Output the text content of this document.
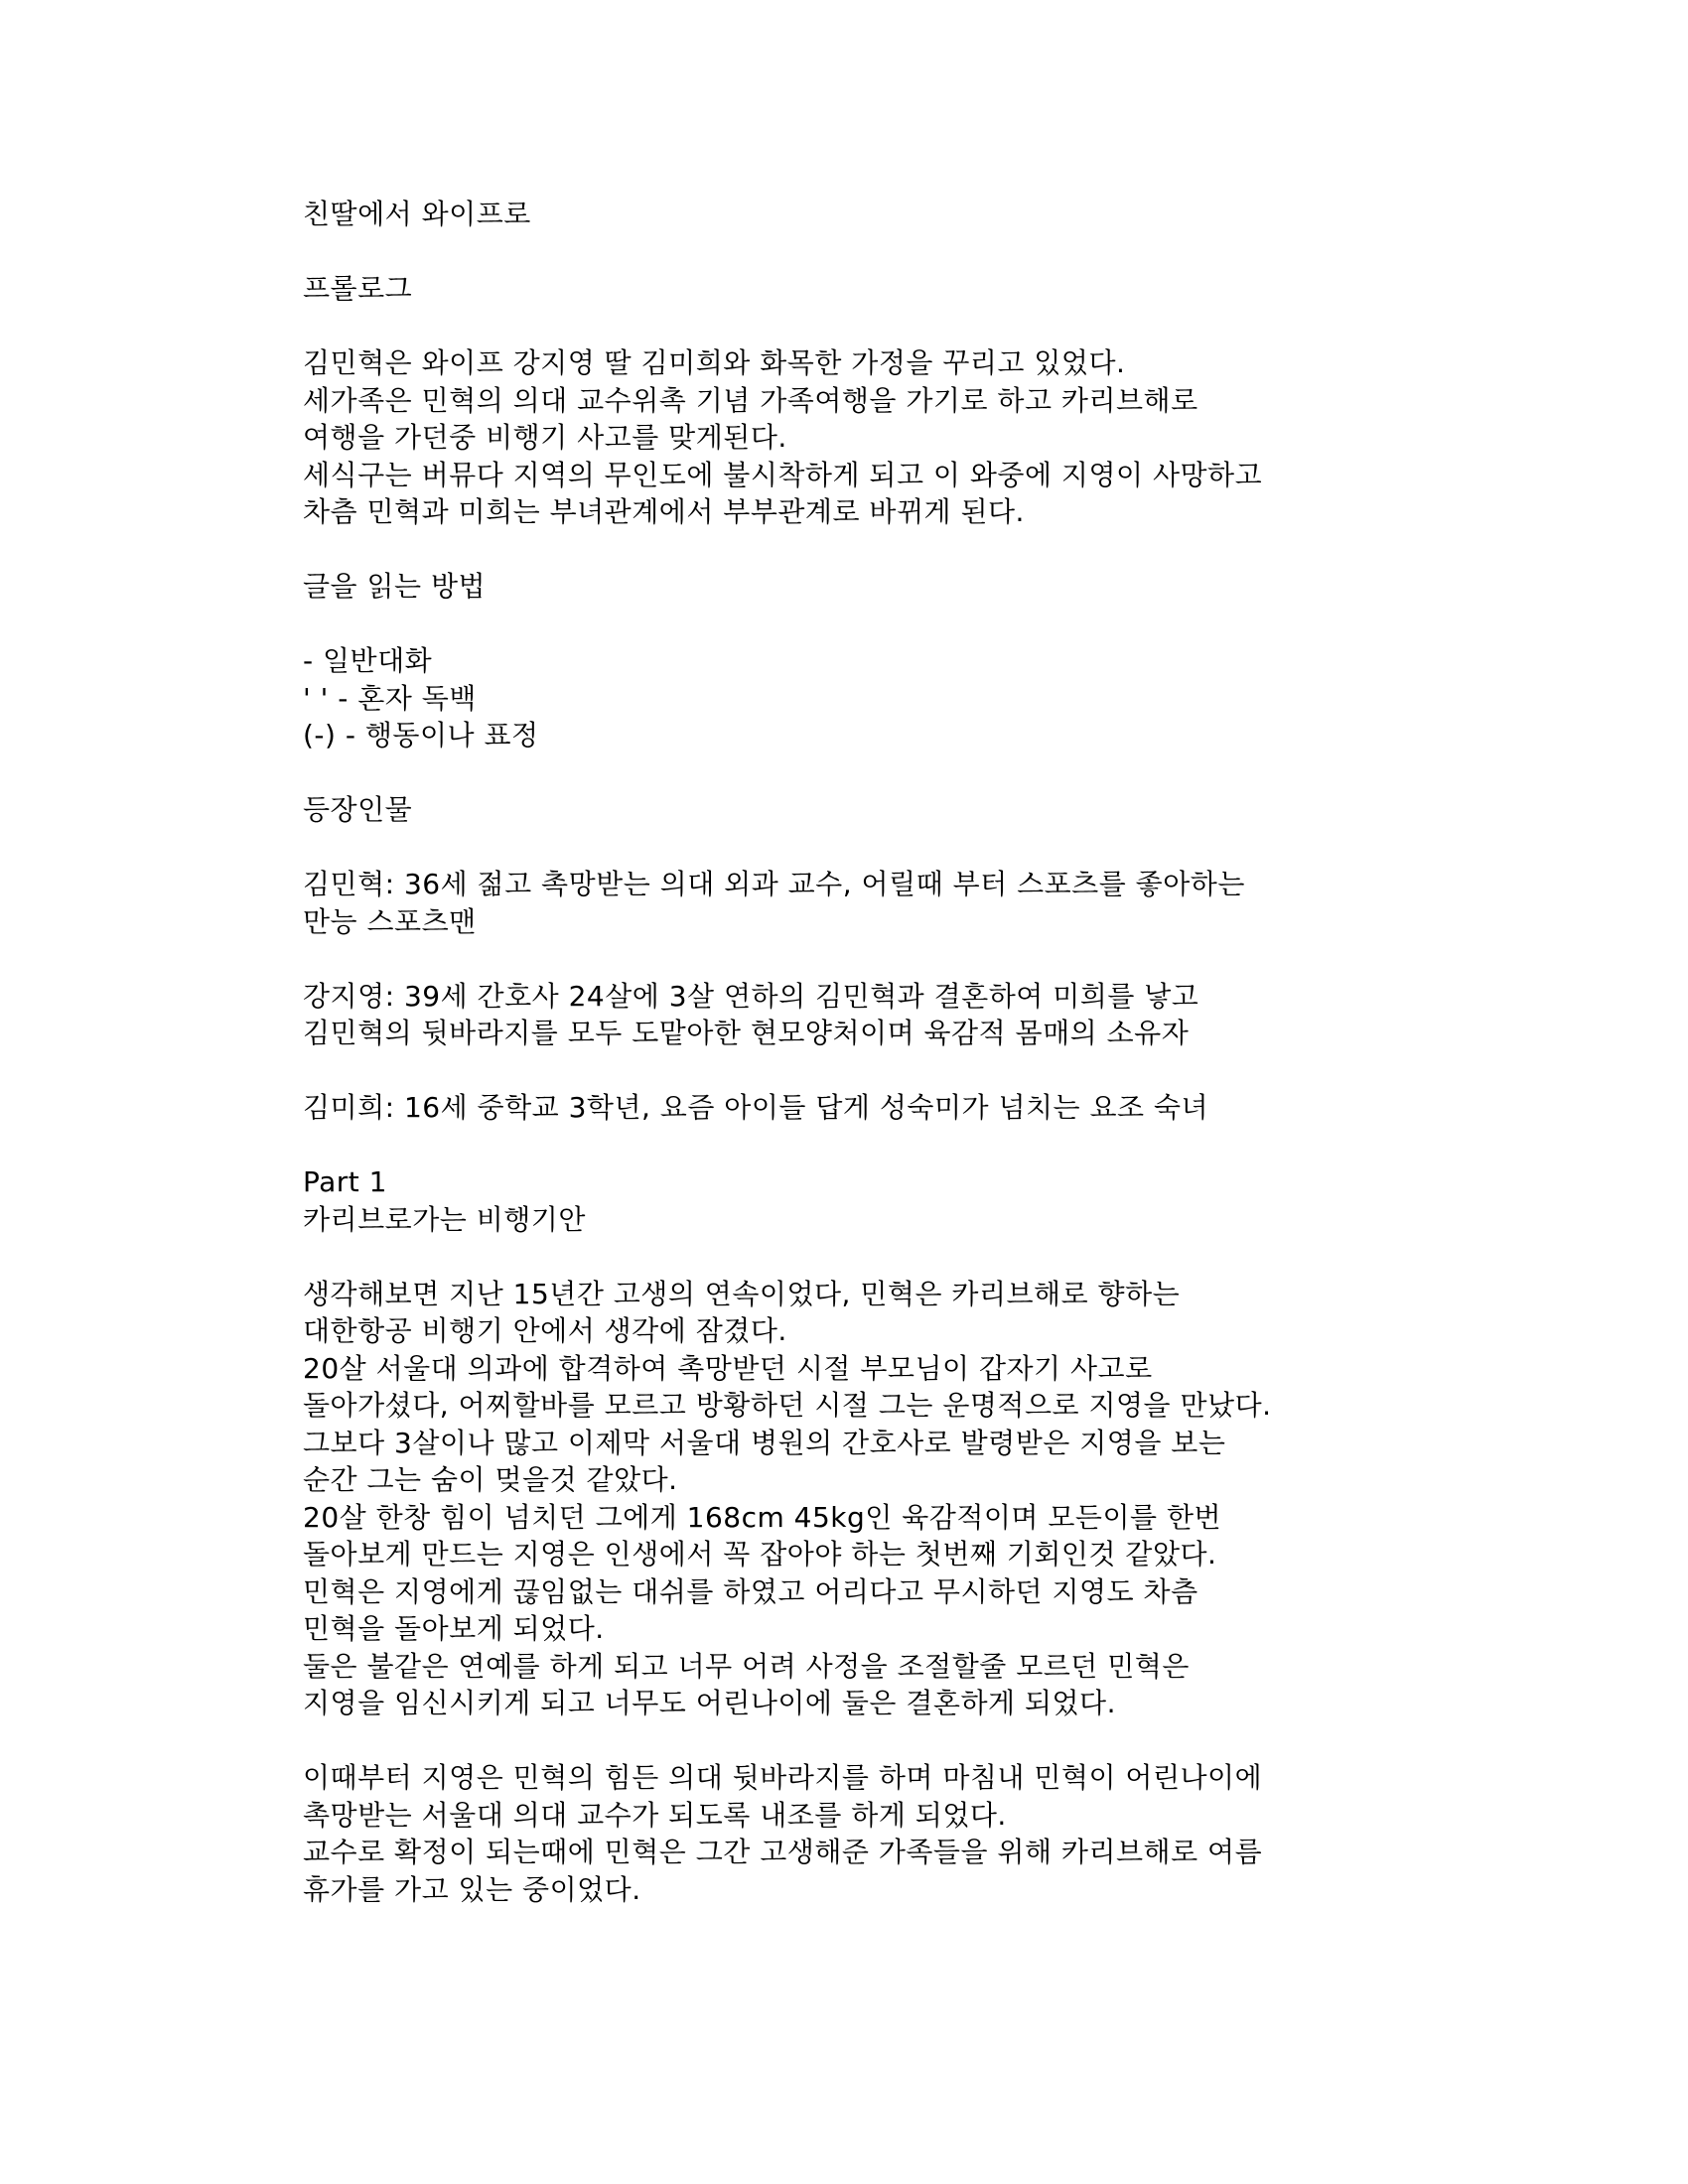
친딸에서 와이프로
프롤로그
김민혁은 와이프 강지영 딸 김미희와 화목한 가정을 꾸리고 있었다.
세가족은 민혁의 의대 교수위촉 기념 가족여행을 가기로 하고 카리브해로
여행을 가던중 비행기 사고를 맞게된다.
세식구는 버뮤다 지역의 무인도에 불시착하게 되고 이 와중에 지영이 사망하고
차츰 민혁과 미희는 부녀관계에서 부부관계로 바뀌게 된다.
글을 읽는 방법
- 일반대화
' ' - 혼자 독백
(-) - 행동이나 표정
등장인물
김민혁: 36세 젊고 촉망받는 의대 외과 교수, 어릴때 부터 스포츠를 좋아하는
만능 스포츠맨
강지영: 39세 간호사 24살에 3살 연하의 김민혁과 결혼하여 미희를 낳고
김민혁의 뒷바라지를 모두 도맡아한 현모양처이며 육감적 몸매의 소유자
김미희: 16세 중학교 3학년, 요즘 아이들 답게 성숙미가 넘치는 요조 숙녀
Part 1
카리브로가는 비행기안
생각해보면 지난 15년간 고생의 연속이었다, 민혁은 카리브해로 향하는
대한항공 비행기 안에서 생각에 잠겼다.
20살 서울대 의과에 합격하여 촉망받던 시절 부모님이 갑자기 사고로
돌아가셨다, 어찌할바를 모르고 방황하던 시절 그는 운명적으로 지영을 만났다.
그보다 3살이나 많고 이제막 서울대 병원의 간호사로 발령받은 지영을 보는
순간 그는 숨이 멎을것 같았다.
20살 한창 힘이 넘치던 그에게 168cm 45kg인 육감적이며 모든이를 한번
돌아보게 만드는 지영은 인생에서 꼭 잡아야 하는 첫번째 기회인것 같았다.
민혁은 지영에게 끊임없는 대쉬를 하였고 어리다고 무시하던 지영도 차츰
민혁을 돌아보게 되었다.
둘은 불같은 연예를 하게 되고 너무 어려 사정을 조절할줄 모르던 민혁은
지영을 임신시키게 되고 너무도 어린나이에 둘은 결혼하게 되었다.
이때부터 지영은 민혁의 힘든 의대 뒷바라지를 하며 마침내 민혁이 어린나이에
촉망받는 서울대 의대 교수가 되도록 내조를 하게 되었다.
교수로 확정이 되는때에 민혁은 그간 고생해준 가족들을 위해 카리브해로 여름
휴가를 가고 있는 중이었다.
